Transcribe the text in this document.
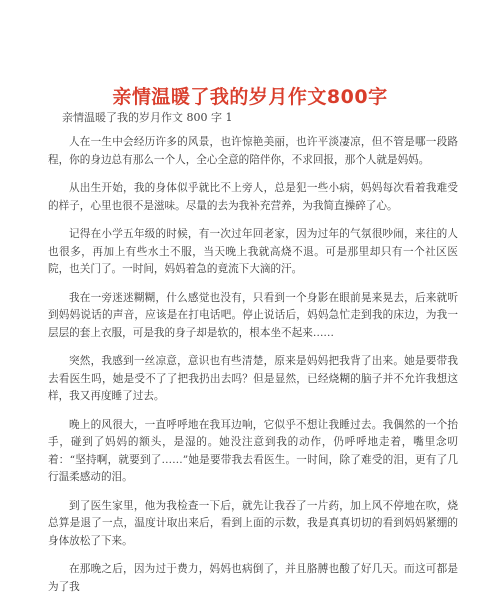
亲情温暖了我的岁月作文800字
亲情温暖了我的岁月作文 800 字 1

人在一生中会经历许多的风景，也许惊艳美丽，也许平淡凄凉，但不管是哪一段路程，你的身边总有那么一个人，全心全意的陪伴你，不求回报，那个人就是妈妈。

从出生开始，我的身体似乎就比不上旁人，总是犯一些小病，妈妈每次看着我难受的样子，心里也很不是滋味。尽量的去为我补充营养，为我简直操碎了心。

记得在小学五年级的时候，有一次过年回老家，因为过年的气氛很吵闹，来往的人也很多，再加上有些水土不服，当天晚上我就高烧不退。可是那里却只有一个社区医院，也关门了。一时间，妈妈着急的竟流下大滴的汗。

我在一旁迷迷糊糊，什么感觉也没有，只看到一个身影在眼前晃来晃去，后来就听到妈妈说话的声音，应该是在打电话吧。停止说话后，妈妈急忙走到我的床边，为我一层层的套上衣服，可是我的身子却是软的，根本坐不起来……

突然，我感到一丝凉意，意识也有些清楚，原来是妈妈把我背了出来。她是要带我去看医生吗，她是受不了了把我扔出去吗？但是显然，已经烧糊的脑子并不允许我想这样，我又再度睡了过去。

晚上的风很大，一直呼呼地在我耳边响，它似乎不想让我睡过去。我偶然的一个抬手，碰到了妈妈的额头，是湿的。她没注意到我的动作，仍呼呼地走着，嘴里念叨着：“坚持啊，就要到了……”她是要带我去看医生。一时间，除了难受的泪，更有了几行温柔感动的泪。

到了医生家里，他为我检查一下后，就先让我吞了一片药，加上风不停地在吹，烧总算是退了一点，温度计取出来后，看到上面的示数，我是真真切切的看到妈妈紧绷的身体放松了下来。

在那晚之后，因为过于费力，妈妈也病倒了，并且胳膊也酸了好几天。而这可都是为了我
